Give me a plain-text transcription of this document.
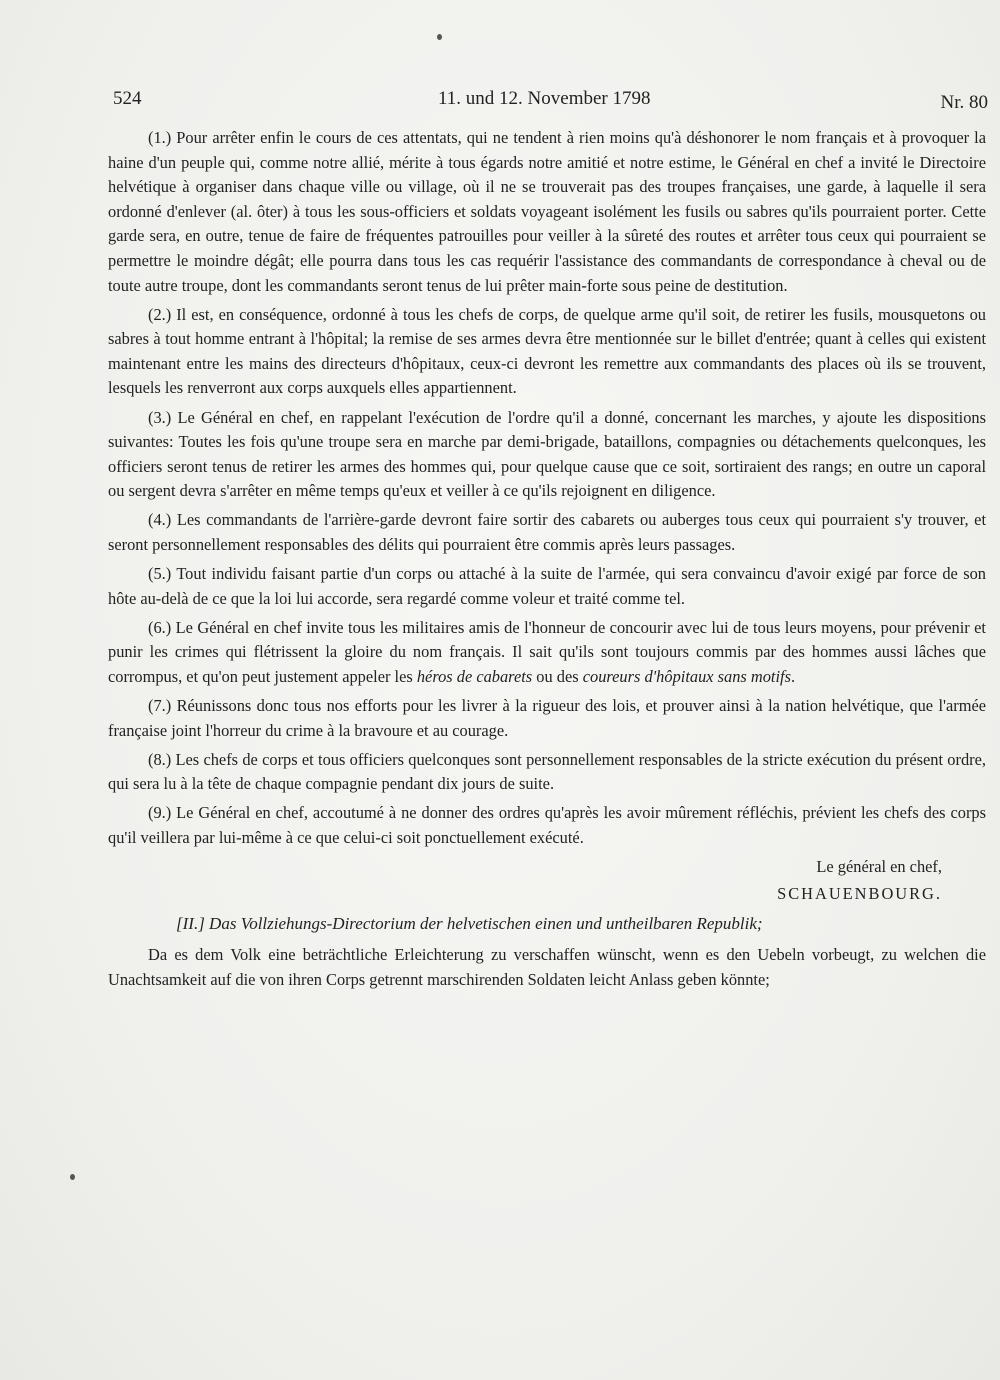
524	11. und 12. November 1798	Nr. 80

(1.) Pour arrêter enfin le cours de ces attentats, qui ne tendent à rien moins qu'à déshonorer le nom français et à provoquer la haine d'un peuple qui, comme notre allié, mérite à tous égards notre amitié et notre estime, le Général en chef a invité le Directoire helvétique à organiser dans chaque ville ou village, où il ne se trouverait pas des troupes françaises, une garde, à laquelle il sera ordonné d'enlever (al. ôter) à tous les sous-officiers et soldats voyageant isolément les fusils ou sabres qu'ils pourraient porter. Cette garde sera, en outre, tenue de faire de fréquentes patrouilles pour veiller à la sûreté des routes et arrêter tous ceux qui pourraient se permettre le moindre dégât; elle pourra dans tous les cas requérir l'assistance des commandants de correspondance à cheval ou de toute autre troupe, dont les commandants seront tenus de lui prêter main-forte sous peine de destitution.

(2.) Il est, en conséquence, ordonné à tous les chefs de corps, de quelque arme qu'il soit, de retirer les fusils, mousquetons ou sabres à tout homme entrant à l'hôpital; la remise de ses armes devra être mentionnée sur le billet d'entrée; quant à celles qui existent maintenant entre les mains des directeurs d'hôpitaux, ceux-ci devront les remettre aux commandants des places où ils se trouvent, lesquels les renverront aux corps auxquels elles appartiennent.

(3.) Le Général en chef, en rappelant l'exécution de l'ordre qu'il a donné, concernant les marches, y ajoute les dispositions suivantes: Toutes les fois qu'une troupe sera en marche par demi-brigade, bataillons, compagnies ou détachements quelconques, les officiers seront tenus de retirer les armes des hommes qui, pour quelque cause que ce soit, sortiraient des rangs; en outre un caporal ou sergent devra s'arrêter en même temps qu'eux et veiller à ce qu'ils rejoignent en diligence.

(4.) Les commandants de l'arrière-garde devront faire sortir des cabarets ou auberges tous ceux qui pourraient s'y trouver, et seront personnellement responsables des délits qui pourraient être commis après leurs passages.

(5.) Tout individu faisant partie d'un corps ou attaché à la suite de l'armée, qui sera convaincu d'avoir exigé par force de son hôte au-delà de ce que la loi lui accorde, sera regardé comme voleur et traité comme tel.

(6.) Le Général en chef invite tous les militaires amis de l'honneur de concourir avec lui de tous leurs moyens, pour prévenir et punir les crimes qui flétrissent la gloire du nom français. Il sait qu'ils sont toujours commis par des hommes aussi lâches que corrompus, et qu'on peut justement appeler les héros de cabarets ou des coureurs d'hôpitaux sans motifs.

(7.) Réunissons donc tous nos efforts pour les livrer à la rigueur des lois, et prouver ainsi à la nation helvétique, que l'armée française joint l'horreur du crime à la bravoure et au courage.

(8.) Les chefs de corps et tous officiers quelconques sont personnellement responsables de la stricte exécution du présent ordre, qui sera lu à la tête de chaque compagnie pendant dix jours de suite.

(9.) Le Général en chef, accoutumé à ne donner des ordres qu'après les avoir mûrement réfléchis, prévient les chefs des corps qu'il veillera par lui-même à ce que celui-ci soit ponctuellement exécuté.

Le général en chef,
SCHAUENBOURG.

[II.] Das Vollziehungs-Directorium der helvetischen einen und untheilbaren Republik;

Da es dem Volk eine beträchtliche Erleichterung zu verschaffen wünscht, wenn es den Uebeln vorbeugt, zu welchen die Unachtsamkeit auf die von ihren Corps getrennt marschirenden Soldaten leicht Anlass geben könnte;
